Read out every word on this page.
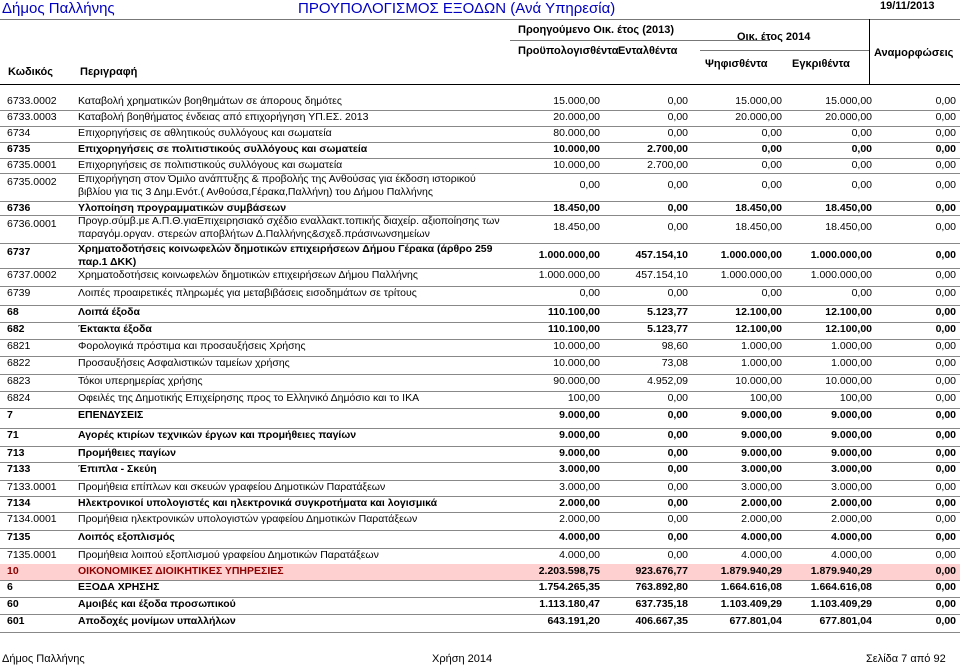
Δήμος Παλλήνης	ΠΡΟΥΠΟΛΟΓΙΣΜΟΣ ΕΞΟΔΩΝ (Ανά Υπηρεσία)	19/11/2013
Προηγούμενο Οικ. έτος (2013)
Οικ. έτος 2014
Κωδικός Περιγραφή
Προϋπολογισθέντα Ενταλθέντα
Ψηφισθέντα Εγκριθέντα
Αναμορφώσεις
6733.0002 Καταβολή χρηματικών βοηθημάτων σε άπορους δημότες	15.000,00	0,00	15.000,00	15.000,00	0,00
6733.0003 Καταβολή βοηθήματος ένδειας από επιχορήγηση ΥΠ.ΕΣ. 2013	20.000,00	0,00	20.000,00	20.000,00	0,00
6734	Επιχορηγήσεις σε αθλητικούς συλλόγους και σωματεία	80.000,00	0,00	0,00	0,00	0,00
6735	Επιχορηγήσεις σε πολιτιστικούς συλλόγους και σωματεία	10.000,00	2.700,00	0,00	0,00	0,00
6735.0001 Επιχορηγήσεις σε πολιτιστικούς συλλόγους και σωματεία	10.000,00	2.700,00	0,00	0,00	0,00
6735.0002 Επιχορήγηση στον Όμιλο ανάπτυξης & προβολής της Ανθούσας για έκδοση ιστορικού
βιβλίου για τις 3 Δημ.Ενότ.( Ανθούσα,Γέρακα,Παλλήνη) του Δήμου Παλλήνης
0,00	0,00	0,00	0,00	0,00
6736	Υλοποίηση προγραμματικών συμβάσεων	18.450,00	0,00	18.450,00	18.450,00	0,00
6736.0001 Προγρ.σύμβ.με Α.Π.Θ.γιαΕπιχειρησιακό σχέδιο εναλλακτ.τοπικής διαχείρ. αξιοποίησης των
παραγόμ.οργαν. στερεών αποβλήτων Δ.Παλλήνης&σχεδ.πράσινωνσημείων
18.450,00	0,00	18.450,00	18.450,00	0,00
6737	Χρηματοδοτήσεις κοινωφελών δημοτικών επιχειρήσεων Δήμου Γέρακα (άρθρο 259
παρ.1 ΔΚΚ)
1.000.000,00	457.154,10	1.000.000,00	1.000.000,00	0,00
6737.0002 Χρηματοδοτήσεις κοινωφελών δημοτικών επιχειρήσεων Δήμου Παλλήνης	1.000.000,00	457.154,10	1.000.000,00	1.000.000,00	0,00
6739	Λοιπές προαιρετικές πληρωμές για μεταβιβάσεις εισοδημάτων σε τρίτους	0,00	0,00	0,00	0,00	0,00
68	Λοιπά έξοδα	110.100,00	5.123,77	12.100,00	12.100,00	0,00
682	Έκτακτα έξοδα	110.100,00	5.123,77	12.100,00	12.100,00	0,00
6821	Φορολογικά πρόστιμα και προσαυξήσεις Χρήσης	10.000,00	98,60	1.000,00	1.000,00	0,00
6822	Προσαυξήσεις Ασφαλιστικών ταμείων χρήσης	10.000,00	73,08	1.000,00	1.000,00	0,00
6823	Τόκοι υπερημερίας χρήσης	90.000,00	4.952,09	10.000,00	10.000,00	0,00
6824	Οφειλές της Δημοτικής Επιχείρησης προς το Ελληνικό Δημόσιο και το ΙΚΑ	100,00	0,00	100,00	100,00	0,00
7	ΕΠΕΝΔΥΣΕΙΣ	9.000,00	0,00	9.000,00	9.000,00	0,00
71	Αγορές κτιρίων τεχνικών έργων και προμήθειες παγίων	9.000,00	0,00	9.000,00	9.000,00	0,00
713	Προμήθειες παγίων	9.000,00	0,00	9.000,00	9.000,00	0,00
7133	Έπιπλα - Σκεύη	3.000,00	0,00	3.000,00	3.000,00	0,00
7133.0001 Προμήθεια επίπλων και σκευών γραφείου Δημοτικών Παρατάξεων	3.000,00	0,00	3.000,00	3.000,00	0,00
7134	Ηλεκτρονικοί υπολογιστές και ηλεκτρονικά συγκροτήματα και λογισμικά	2.000,00	0,00	2.000,00	2.000,00	0,00
7134.0001 Προμήθεια ηλεκτρονικών υπολογιστών γραφείου Δημοτικών Παρατάξεων	2.000,00	0,00	2.000,00	2.000,00	0,00
7135	Λοιπός εξοπλισμός	4.000,00	0,00	4.000,00	4.000,00	0,00
7135.0001 Προμήθεια λοιπού εξοπλισμού γραφείου Δημοτικών Παρατάξεων	4.000,00	0,00	4.000,00	4.000,00	0,00
10	ΟΙΚΟΝΟΜΙΚΕΣ ΔΙΟΙΚΗΤΙΚΕΣ ΥΠΗΡΕΣΙΕΣ	2.203.598,75	923.676,77	1.879.940,29	1.879.940,29	0,00
6	ΕΞΟΔΑ ΧΡΗΣΗΣ	1.754.265,35	763.892,80	1.664.616,08	1.664.616,08	0,00
60	Αμοιβές και έξοδα προσωπικού	1.113.180,47	637.735,18	1.103.409,29	1.103.409,29	0,00
601	Αποδοχές μονίμων υπαλλήλων	643.191,20	406.667,35	677.801,04	677.801,04	0,00
Δήμος Παλλήνης	Χρήση 2014	Σελίδα 7 από 92
